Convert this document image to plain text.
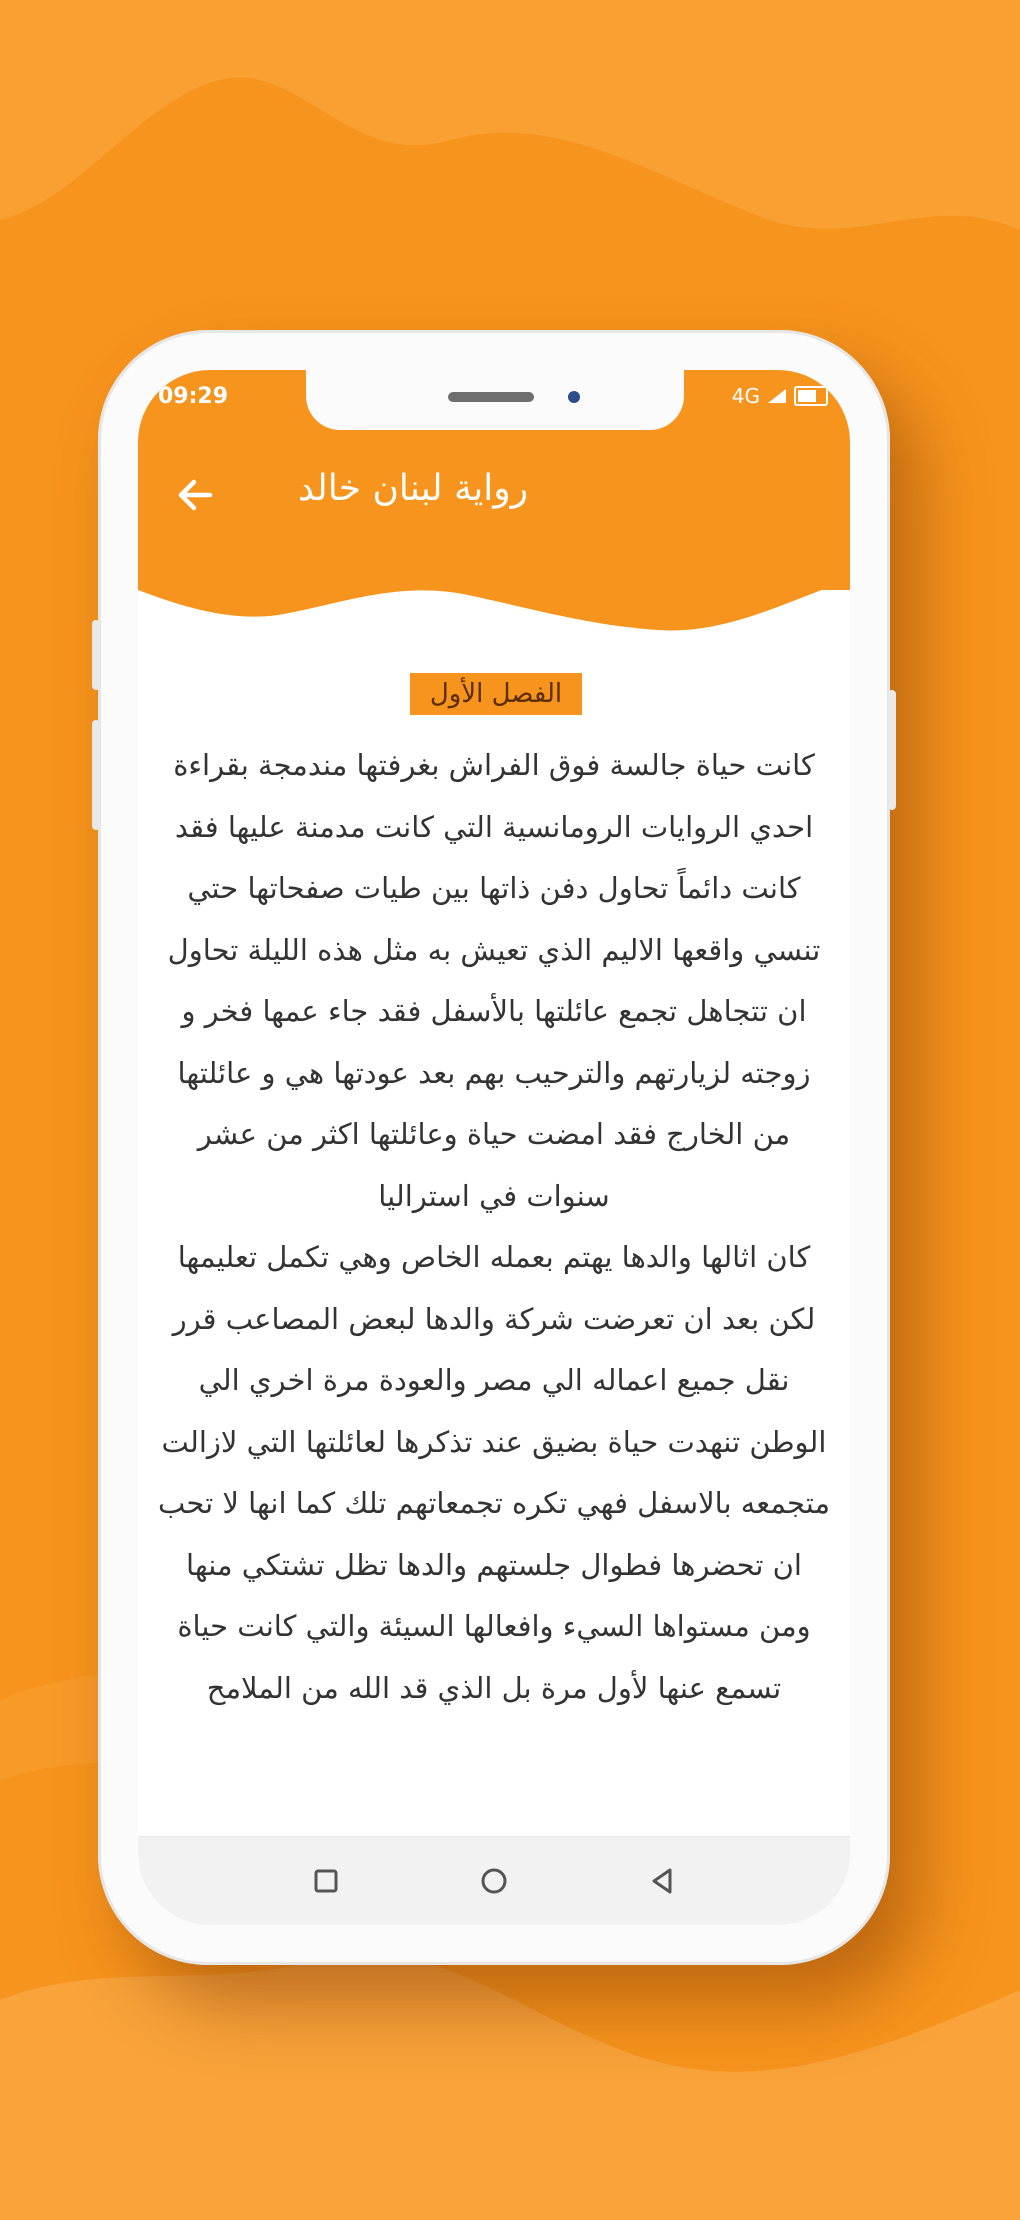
09:29	4G
رواية لبنان خالد
الفصل الأول

كانت حياة جالسة فوق الفراش بغرفتها مندمجة بقراءة احدي الروايات الرومانسية التي كانت مدمنة عليها فقد كانت دائماً تحاول دفن ذاتها بين طيات صفحاتها حتي تنسي واقعها الاليم الذي تعيش به مثل هذه الليلة تحاول ان تتجاهل تجمع عائلتها بالأسفل فقد جاء عمها فخر و زوجته لزيارتهم والترحيب بهم بعد عودتها هي و عائلتها من الخارج فقد امضت حياة وعائلتها اكثر من عشر سنوات في استراليا

كان اثالها والدها يهتم بعمله الخاص وهي تكمل تعليمها لكن بعد ان تعرضت شركة والدها لبعض المصاعب قرر نقل جميع اعماله الي مصر والعودة مرة اخري الي الوطن تنهدت حياة بضيق عند تذكرها لعائلتها التي لازالت متجمعه بالاسفل فهي تكره تجمعاتهم تلك كما انها لا تحب ان تحضرها فطوال جلستهم والدها تظل تشتكي منها ومن مستواها السيء وافعالها السيئة والتي كانت حياة تسمع عنها لأول مرة بل الذي قد الله من الملامح
